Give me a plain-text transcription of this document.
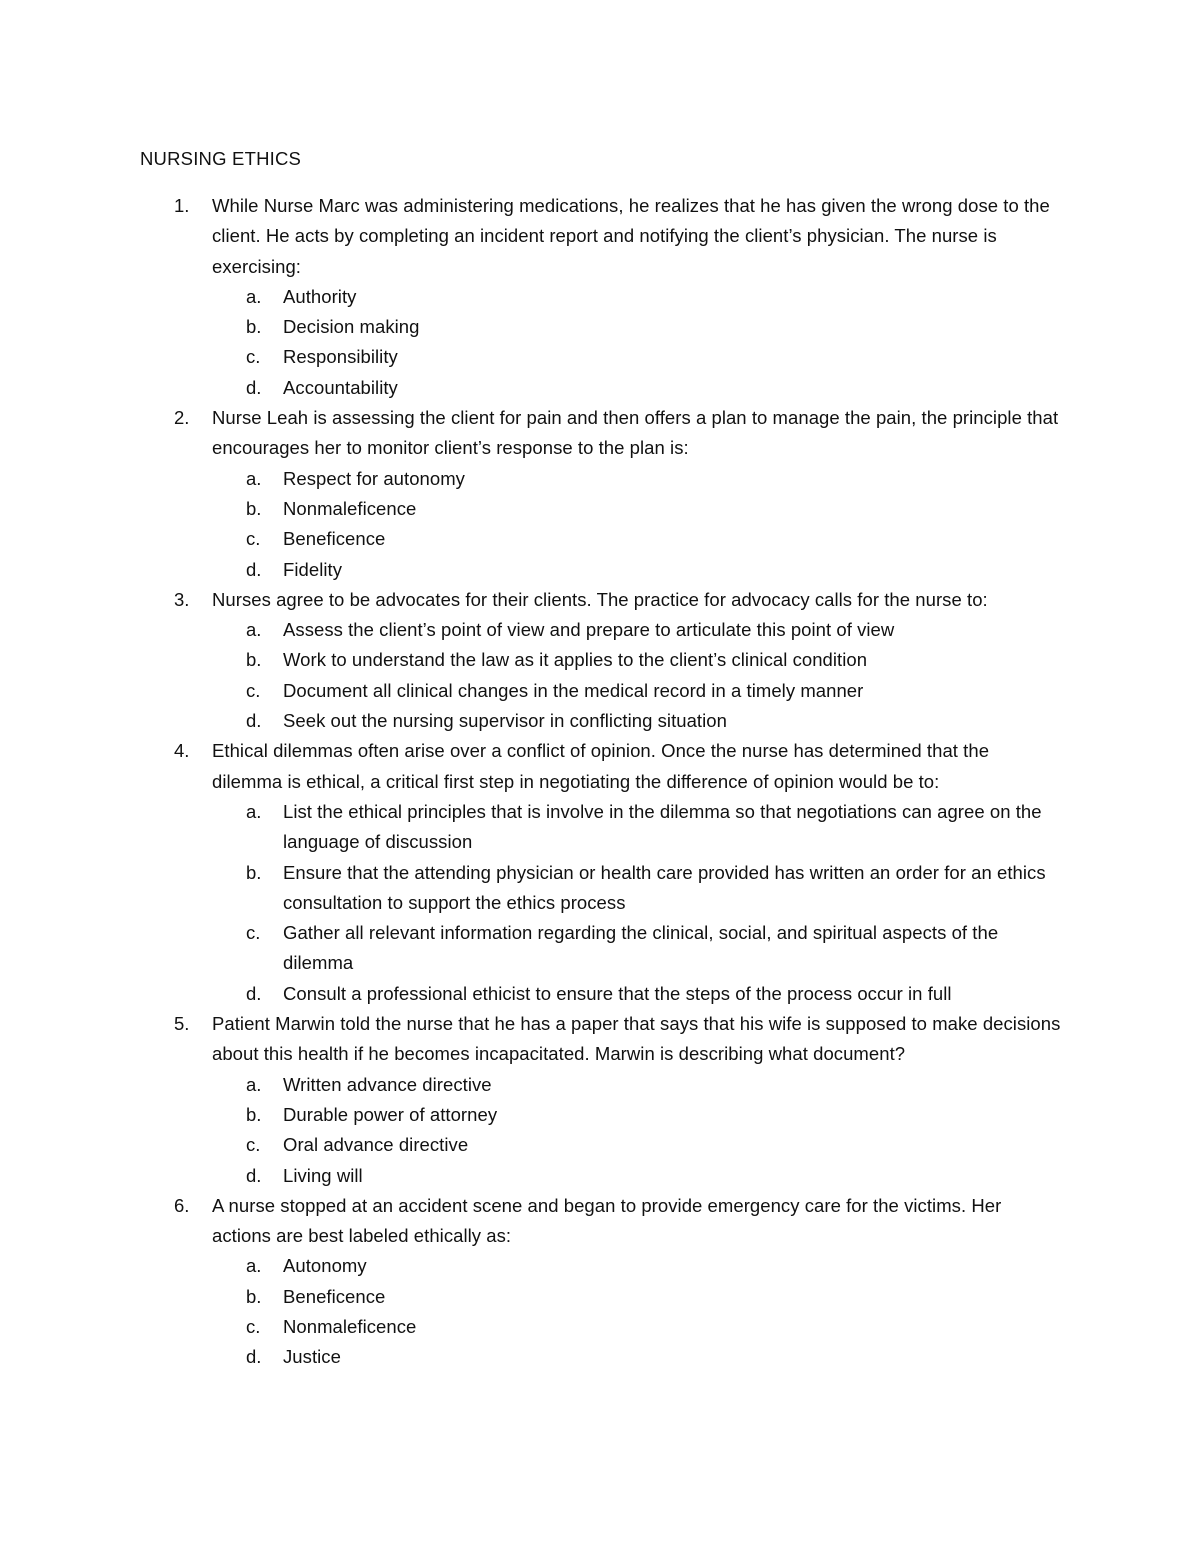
NURSING ETHICS
1. While Nurse Marc was administering medications, he realizes that he has given the wrong dose to the client. He acts by completing an incident report and notifying the client’s physician. The nurse is exercising:
a. Authority
b. Decision making
c. Responsibility
d. Accountability
2. Nurse Leah is assessing the client for pain and then offers a plan to manage the pain, the principle that encourages her to monitor client’s response to the plan is:
a. Respect for autonomy
b. Nonmaleficence
c. Beneficence
d. Fidelity
3. Nurses agree to be advocates for their clients. The practice for advocacy calls for the nurse to:
a. Assess the client’s point of view and prepare to articulate this point of view
b. Work to understand the law as it applies to the client’s clinical condition
c. Document all clinical changes in the medical record in a timely manner
d. Seek out the nursing supervisor in conflicting situation
4. Ethical dilemmas often arise over a conflict of opinion. Once the nurse has determined that the dilemma is ethical, a critical first step in negotiating the difference of opinion would be to:
a. List the ethical principles that is involve in the dilemma so that negotiations can agree on the language of discussion
b. Ensure that the attending physician or health care provided has written an order for an ethics consultation to support the ethics process
c. Gather all relevant information regarding the clinical, social, and spiritual aspects of the dilemma
d. Consult a professional ethicist to ensure that the steps of the process occur in full
5. Patient Marwin told the nurse that he has a paper that says that his wife is supposed to make decisions about this health if he becomes incapacitated. Marwin is describing what document?
a. Written advance directive
b. Durable power of attorney
c. Oral advance directive
d. Living will
6. A nurse stopped at an accident scene and began to provide emergency care for the victims. Her actions are best labeled ethically as:
a. Autonomy
b. Beneficence
c. Nonmaleficence
d. Justice
